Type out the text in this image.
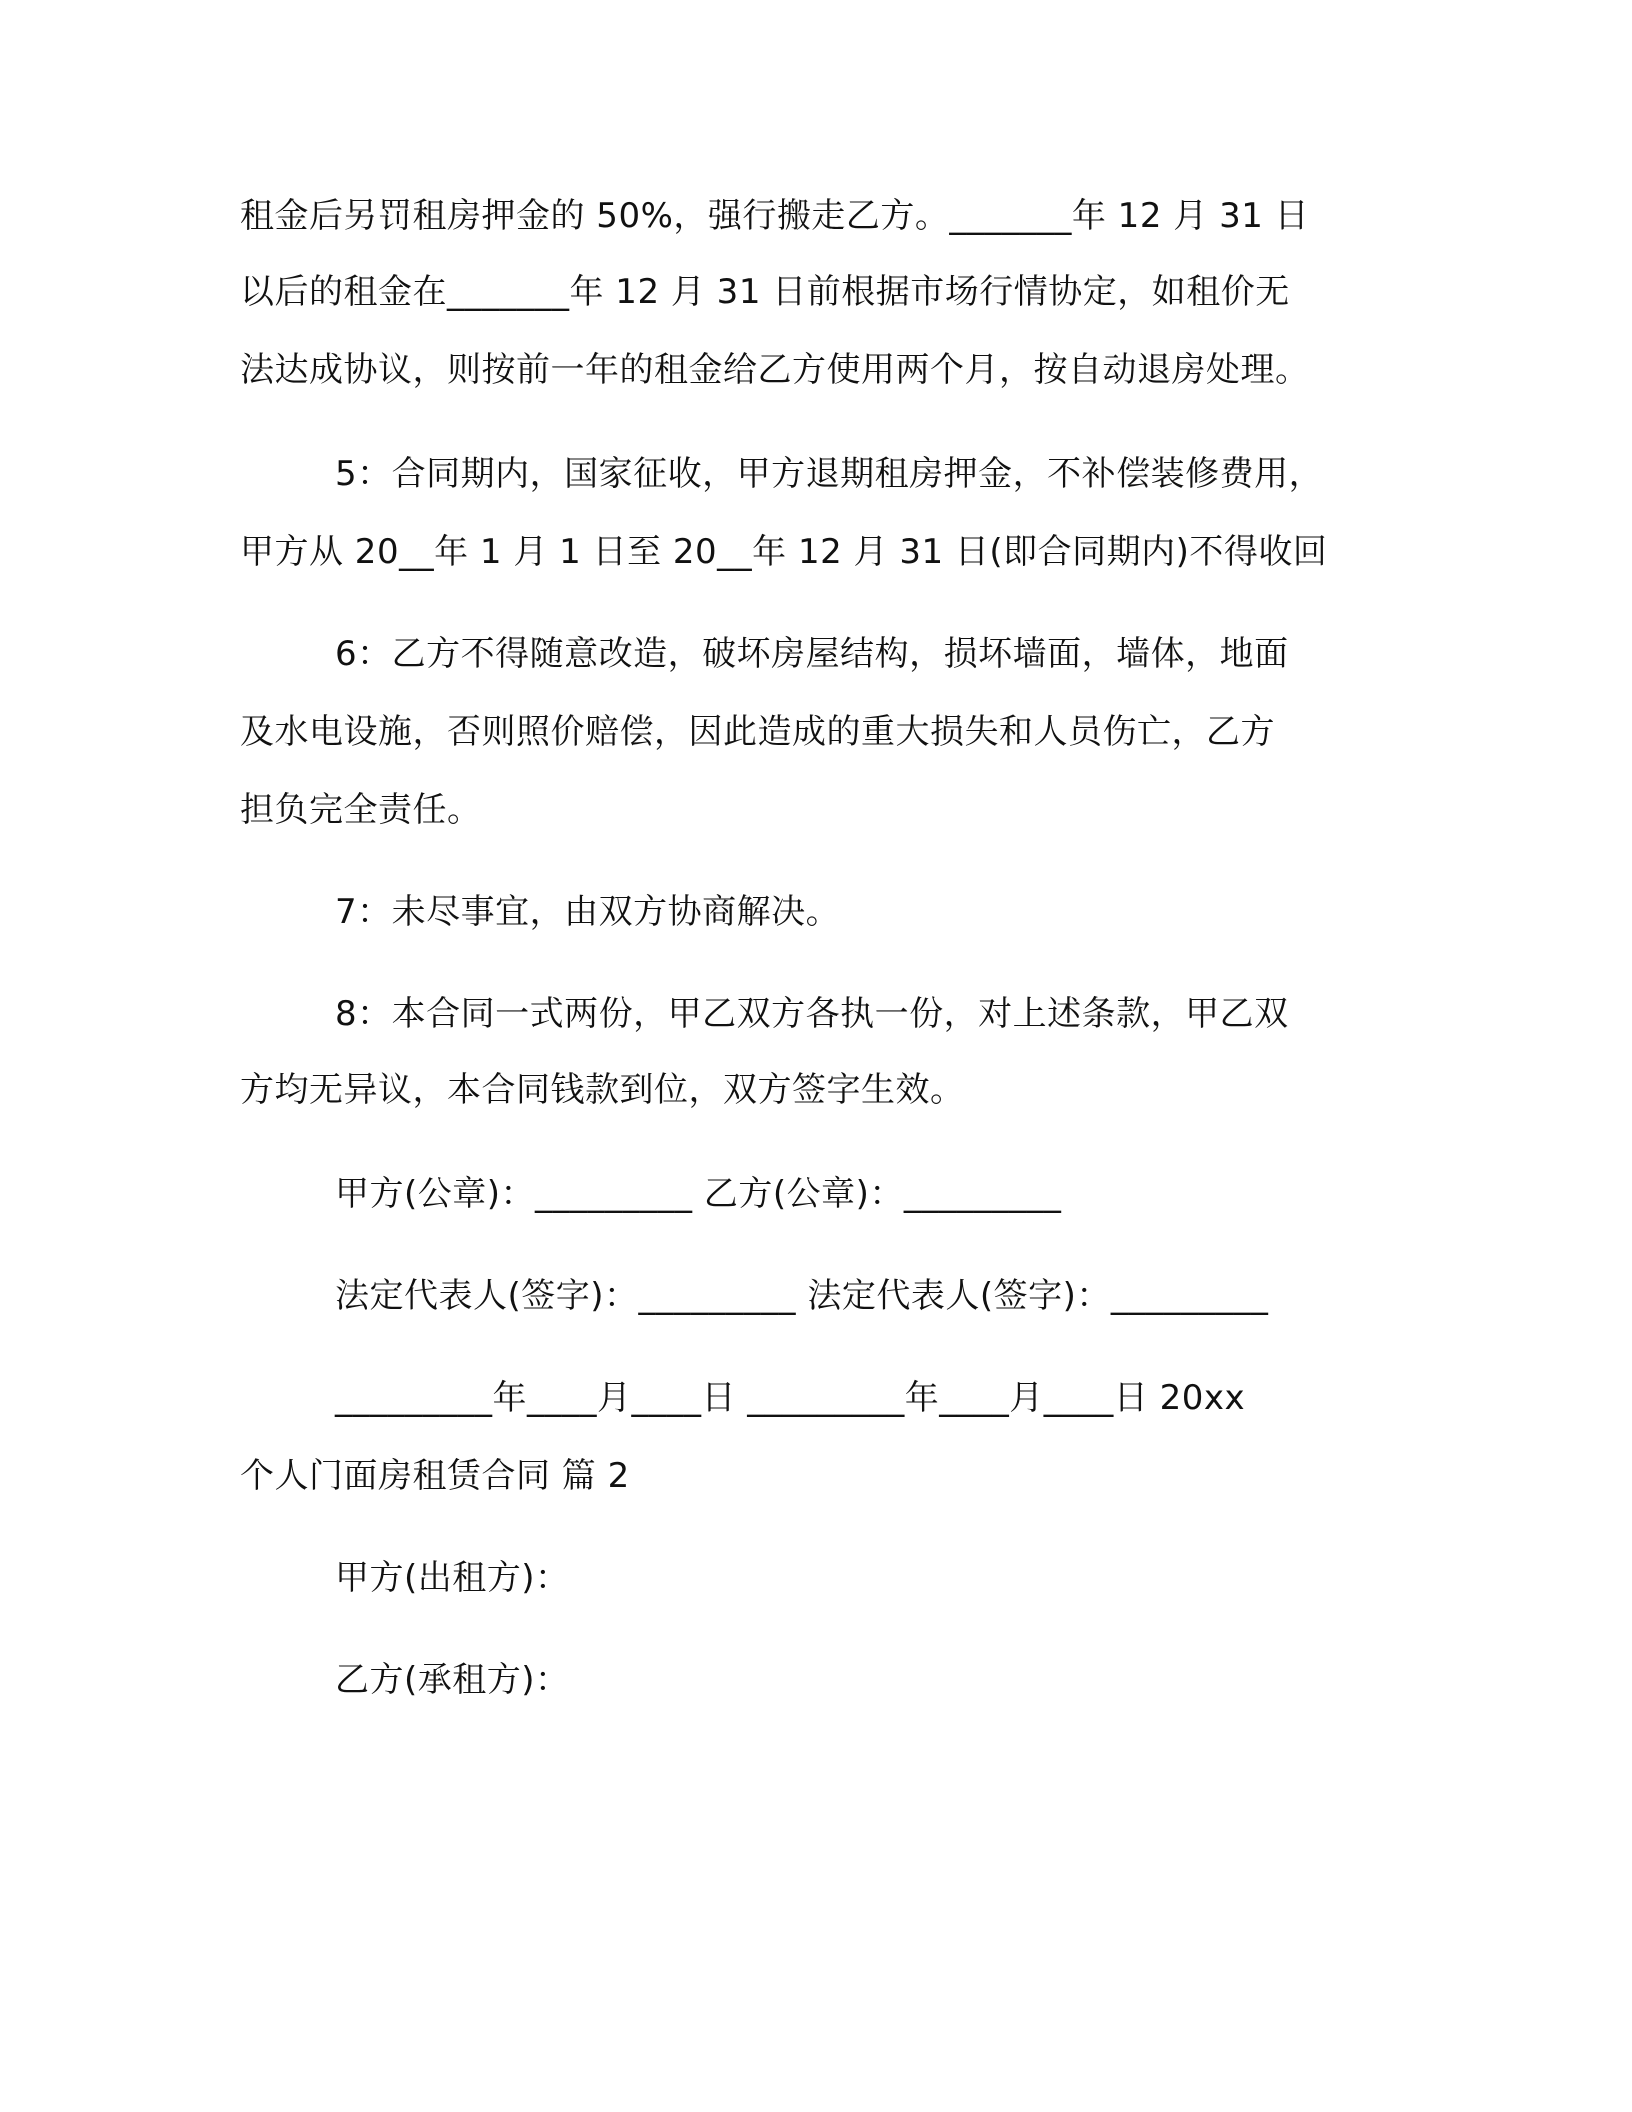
租金后另罚租房押金的 50%，强行搬走乙方。_______年 12 月 31 日
以后的租金在_______年 12 月 31 日前根据市场行情协定，如租价无
法达成协议，则按前一年的租金给乙方使用两个月，按自动退房处理。
5：合同期内，国家征收，甲方退期租房押金，不补偿装修费用，
甲方从 20__年 1 月 1 日至 20__年 12 月 31 日(即合同期内)不得收回
6：乙方不得随意改造，破坏房屋结构，损坏墙面，墙体，地面
及水电设施，否则照价赔偿，因此造成的重大损失和人员伤亡，乙方
担负完全责任。
7：未尽事宜，由双方协商解决。
8：本合同一式两份，甲乙双方各执一份，对上述条款，甲乙双
方均无异议，本合同钱款到位，双方签字生效。
甲方(公章)：_________ 乙方(公章)：_________
法定代表人(签字)：_________ 法定代表人(签字)：_________
_________年____月____日 _________年____月____日 20xx
个人门面房租赁合同 篇 2
甲方(出租方)：
乙方(承租方)：
